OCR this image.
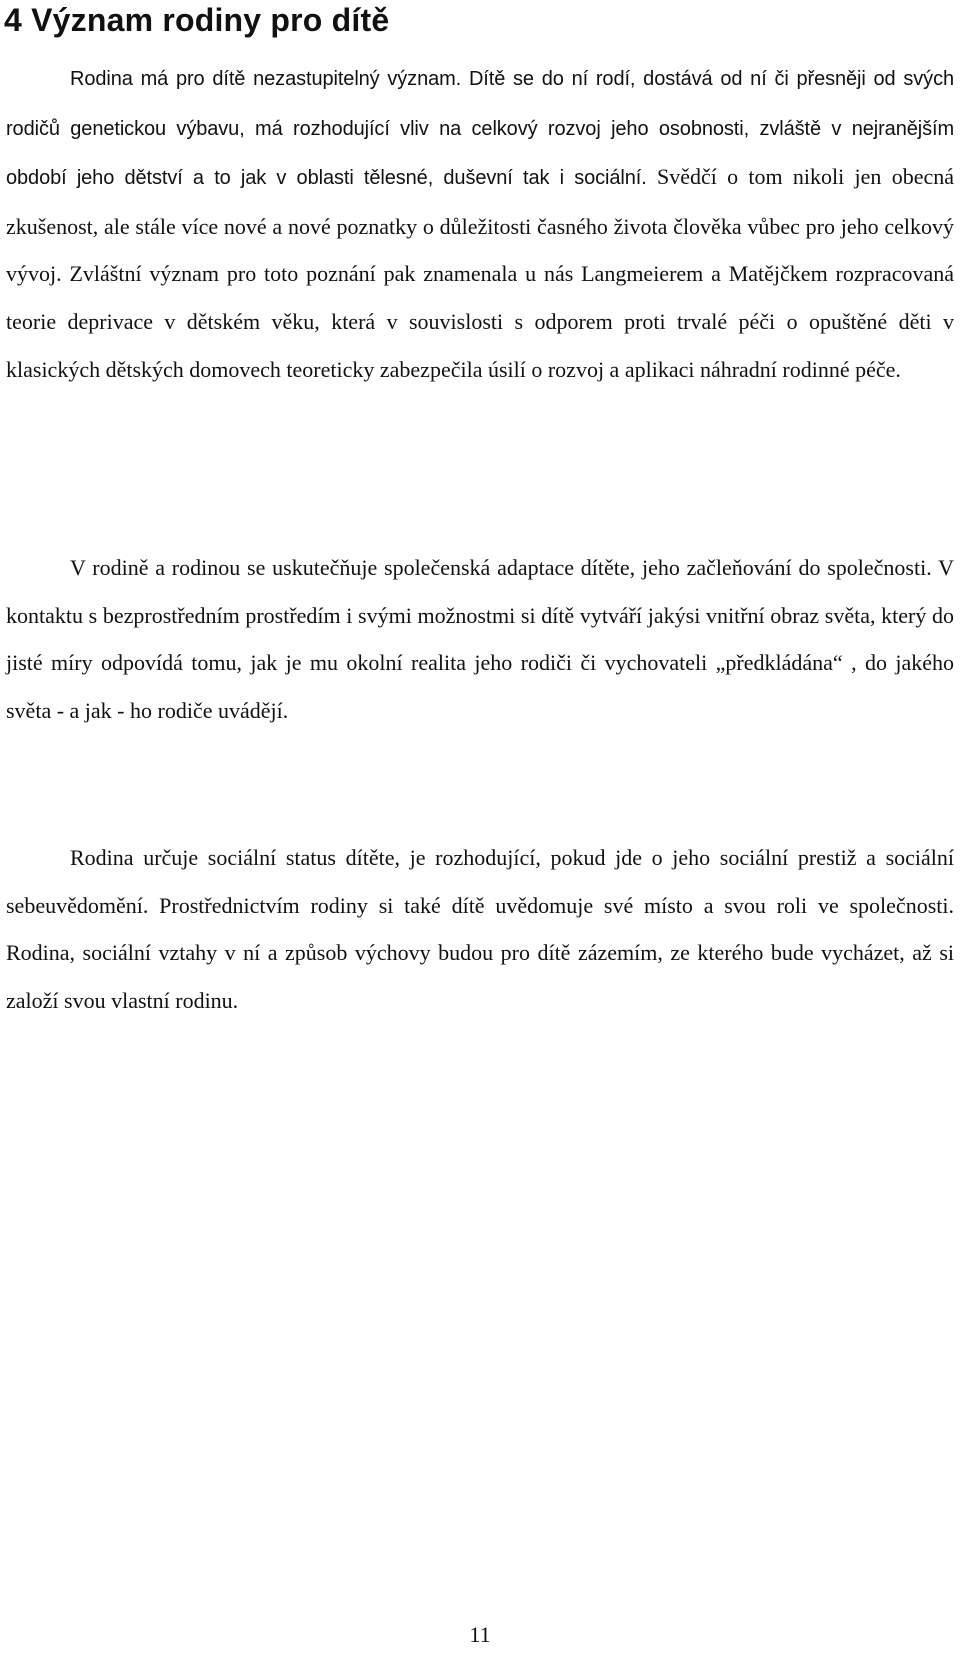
4 Význam rodiny pro dítě

Rodina má pro dítě nezastupitelný význam. Dítě se do ní rodí, dostává od ní či přesněji od svých rodičů genetickou výbavu, má rozhodující vliv na celkový rozvoj jeho osobnosti, zvláště v nejranějším období jeho dětství a to jak v oblasti tělesné, duševní tak i sociální. Svědčí o tom nikoli jen obecná zkušenost, ale stále více nové a nové poznatky o důležitosti časného života člověka vůbec pro jeho celkový vývoj. Zvláštní význam pro toto poznání pak znamenala u nás Langmeierem a Matějčkem rozpracovaná teorie deprivace v dětském věku, která v souvislosti s odporem proti trvalé péči o opuštěné děti v klasických dětských domovech teoreticky zabezpečila úsilí o rozvoj a aplikaci náhradní rodinné péče.

V rodině a rodinou se uskutečňuje společenská adaptace dítěte, jeho začleňování do společnosti. V kontaktu s bezprostředním prostředím i svými možnostmi si dítě vytváří jakýsi vnitřní obraz světa, který do jisté míry odpovídá tomu, jak je mu okolní realita jeho rodiči či vychovateli „předkládána“ , do jakého světa - a jak - ho rodiče uvádějí.

Rodina určuje sociální status dítěte, je rozhodující, pokud jde o jeho sociální prestiž a sociální sebeuvědomění. Prostřednictvím rodiny si také dítě uvědomuje své místo a svou roli ve společnosti. Rodina, sociální vztahy v ní a způsob výchovy budou pro dítě zázemím, ze kterého bude vycházet, až si založí svou vlastní rodinu.

11
